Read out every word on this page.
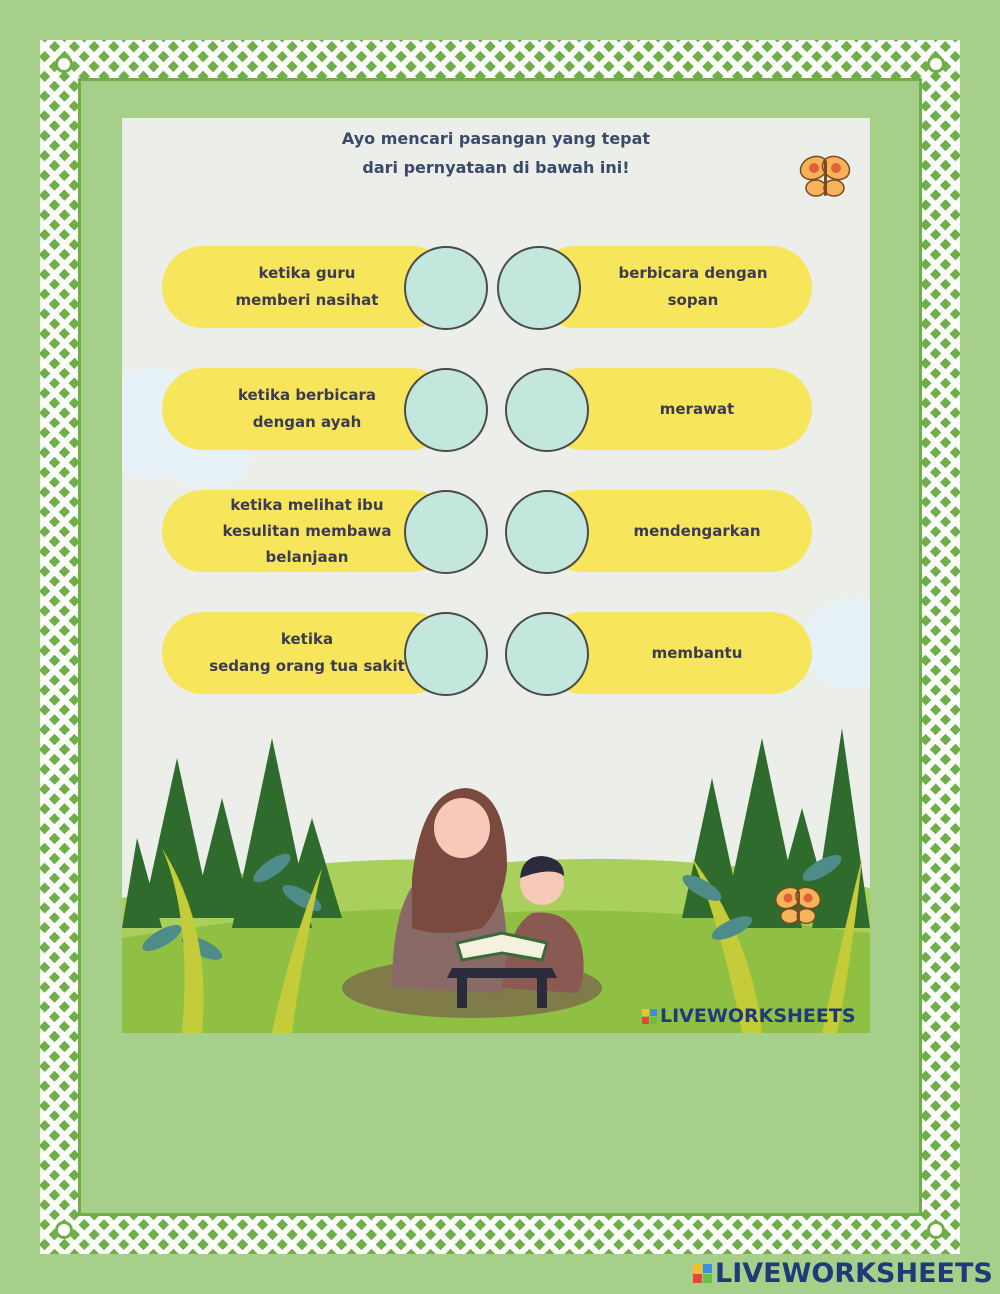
Ayo mencari pasangan yang tepat
dari pernyataan di bawah ini!
ketika guru
memberi nasihat
berbicara dengan
sopan
ketika berbicara
dengan ayah
merawat
ketika melihat ibu
kesulitan membawa
belanjaan
mendengarkan
ketika
sedang orang tua sakit
membantu
LIVEWORKSHEETS
LIVEWORKSHEETS
